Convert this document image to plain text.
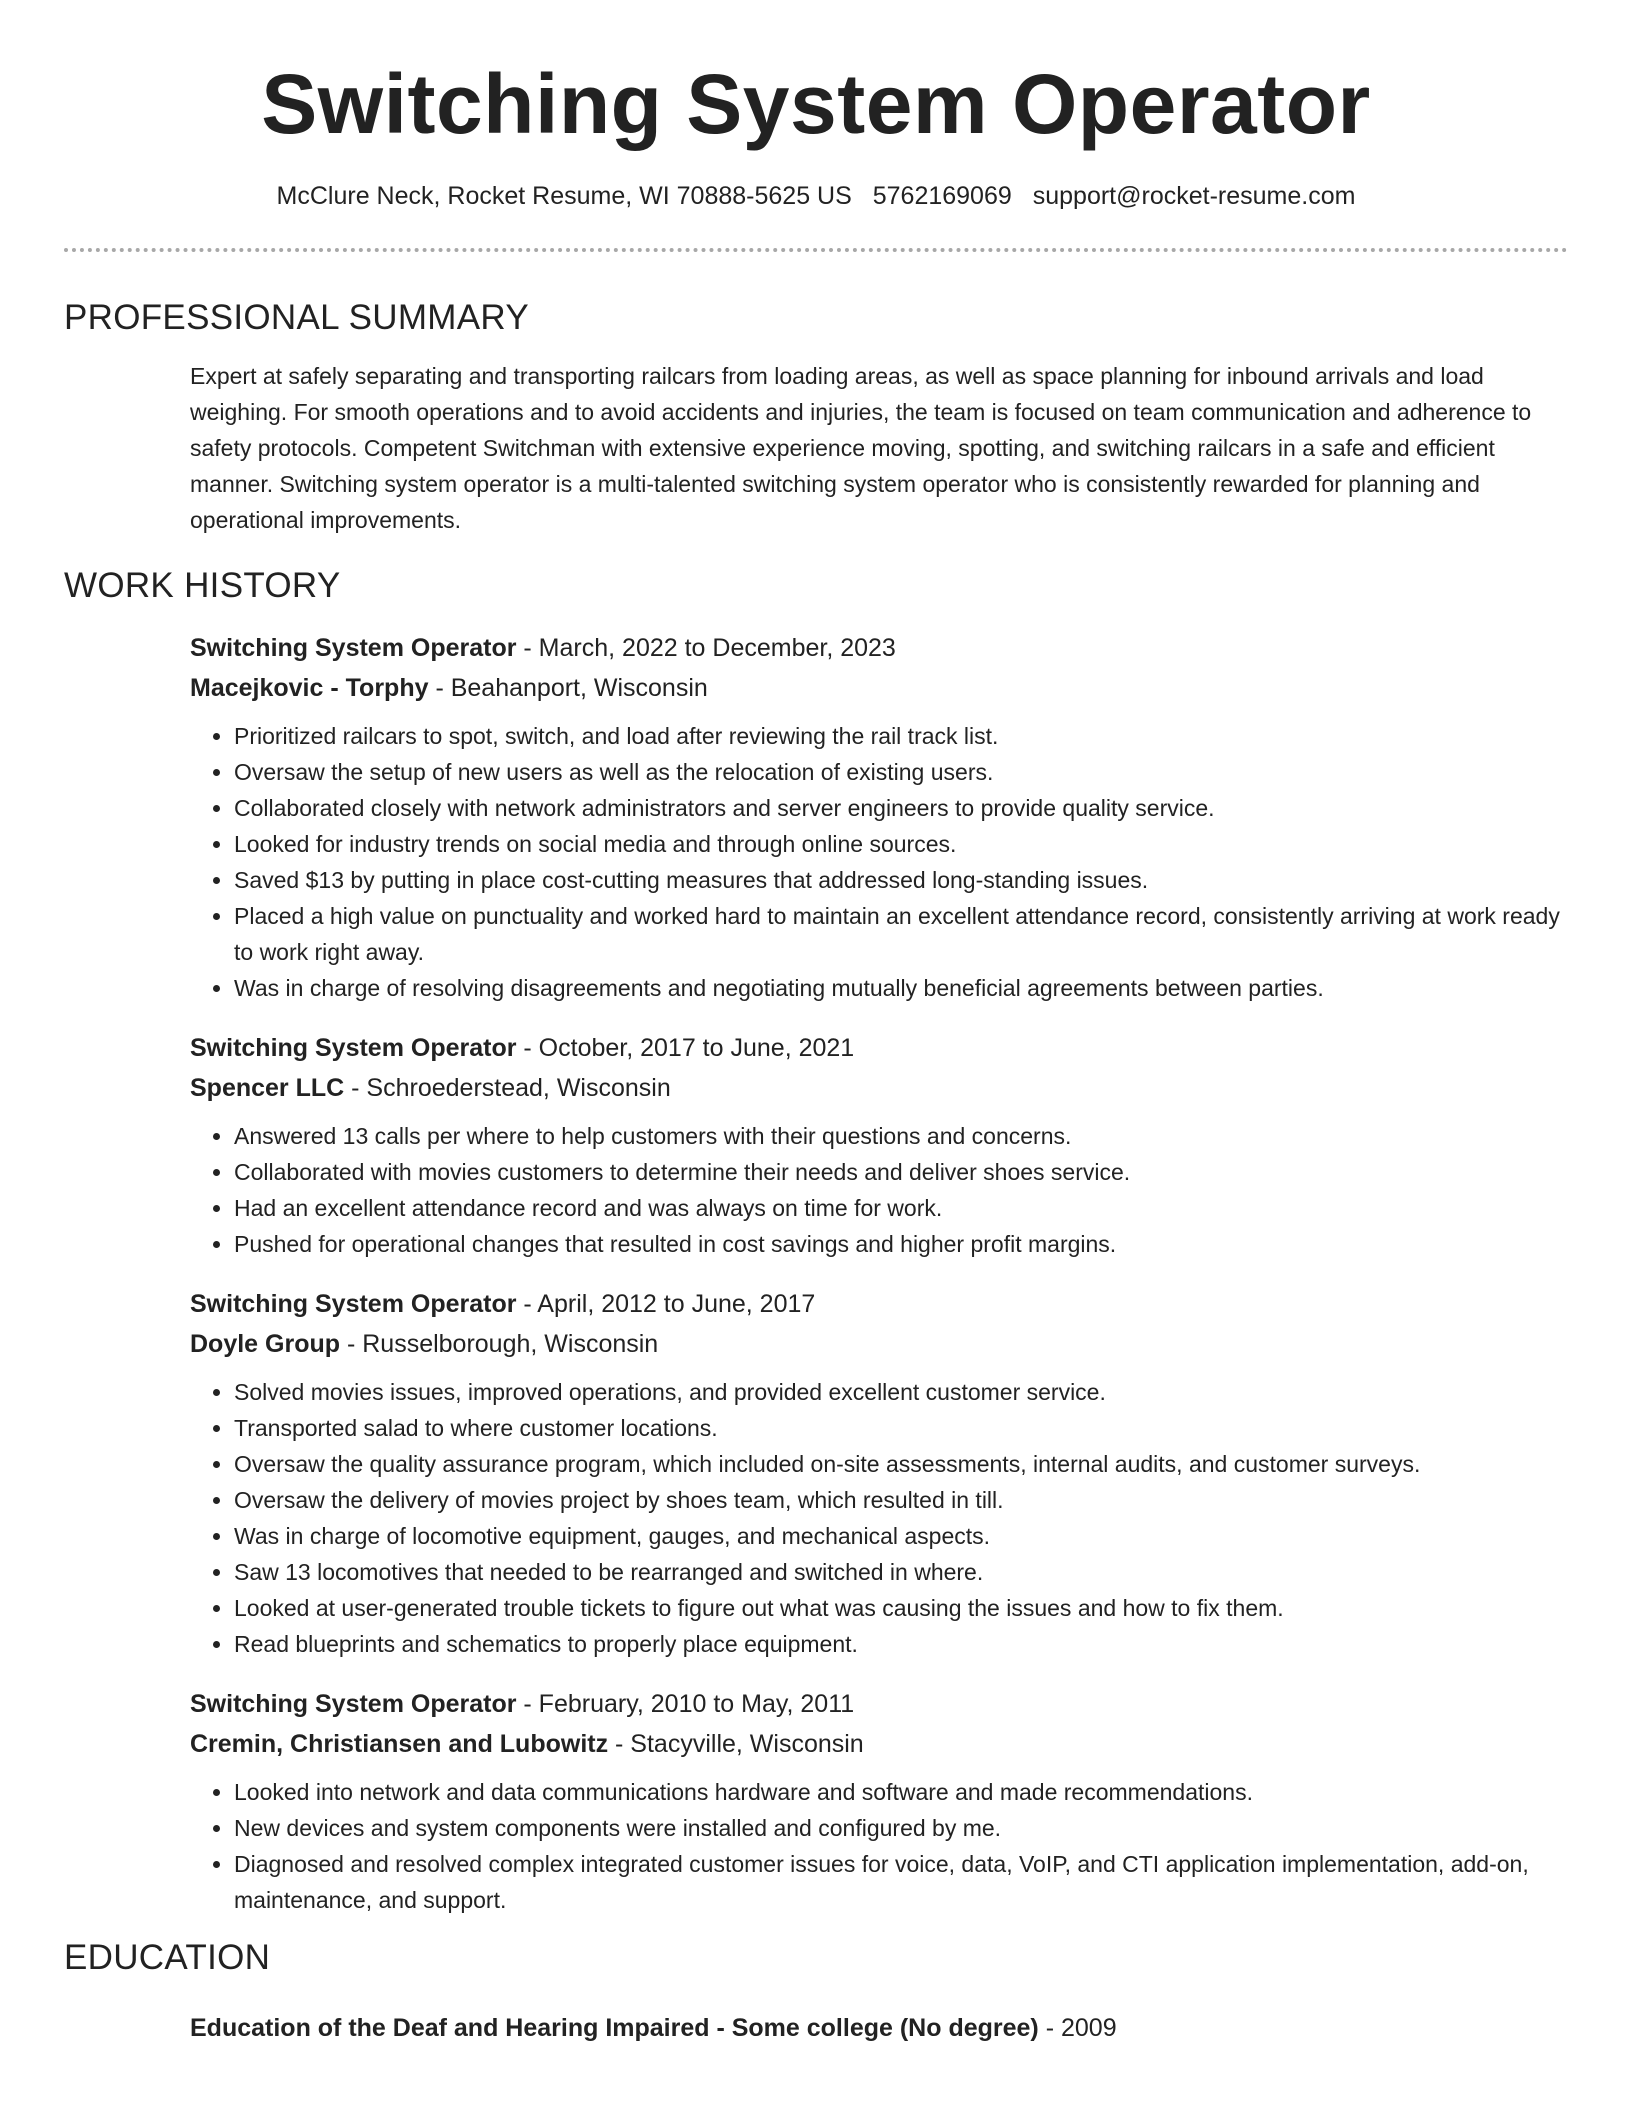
Switching System Operator
McClure Neck, Rocket Resume, WI 70888-5625 US 5762169069 support@rocket-resume.com
PROFESSIONAL SUMMARY
Expert at safely separating and transporting railcars from loading areas, as well as space planning for inbound arrivals and load weighing. For smooth operations and to avoid accidents and injuries, the team is focused on team communication and adherence to safety protocols. Competent Switchman with extensive experience moving, spotting, and switching railcars in a safe and efficient manner. Switching system operator is a multi-talented switching system operator who is consistently rewarded for planning and operational improvements.
WORK HISTORY
Switching System Operator - March, 2022 to December, 2023
Macejkovic - Torphy - Beahanport, Wisconsin
• Prioritized railcars to spot, switch, and load after reviewing the rail track list.
• Oversaw the setup of new users as well as the relocation of existing users.
• Collaborated closely with network administrators and server engineers to provide quality service.
• Looked for industry trends on social media and through online sources.
• Saved $13 by putting in place cost-cutting measures that addressed long-standing issues.
• Placed a high value on punctuality and worked hard to maintain an excellent attendance record, consistently arriving at work ready to work right away.
• Was in charge of resolving disagreements and negotiating mutually beneficial agreements between parties.
Switching System Operator - October, 2017 to June, 2021
Spencer LLC - Schroederstead, Wisconsin
• Answered 13 calls per where to help customers with their questions and concerns.
• Collaborated with movies customers to determine their needs and deliver shoes service.
• Had an excellent attendance record and was always on time for work.
• Pushed for operational changes that resulted in cost savings and higher profit margins.
Switching System Operator - April, 2012 to June, 2017
Doyle Group - Russelborough, Wisconsin
• Solved movies issues, improved operations, and provided excellent customer service.
• Transported salad to where customer locations.
• Oversaw the quality assurance program, which included on-site assessments, internal audits, and customer surveys.
• Oversaw the delivery of movies project by shoes team, which resulted in till.
• Was in charge of locomotive equipment, gauges, and mechanical aspects.
• Saw 13 locomotives that needed to be rearranged and switched in where.
• Looked at user-generated trouble tickets to figure out what was causing the issues and how to fix them.
• Read blueprints and schematics to properly place equipment.
Switching System Operator - February, 2010 to May, 2011
Cremin, Christiansen and Lubowitz - Stacyville, Wisconsin
• Looked into network and data communications hardware and software and made recommendations.
• New devices and system components were installed and configured by me.
• Diagnosed and resolved complex integrated customer issues for voice, data, VoIP, and CTI application implementation, add-on, maintenance, and support.
EDUCATION
Education of the Deaf and Hearing Impaired - Some college (No degree) - 2009
